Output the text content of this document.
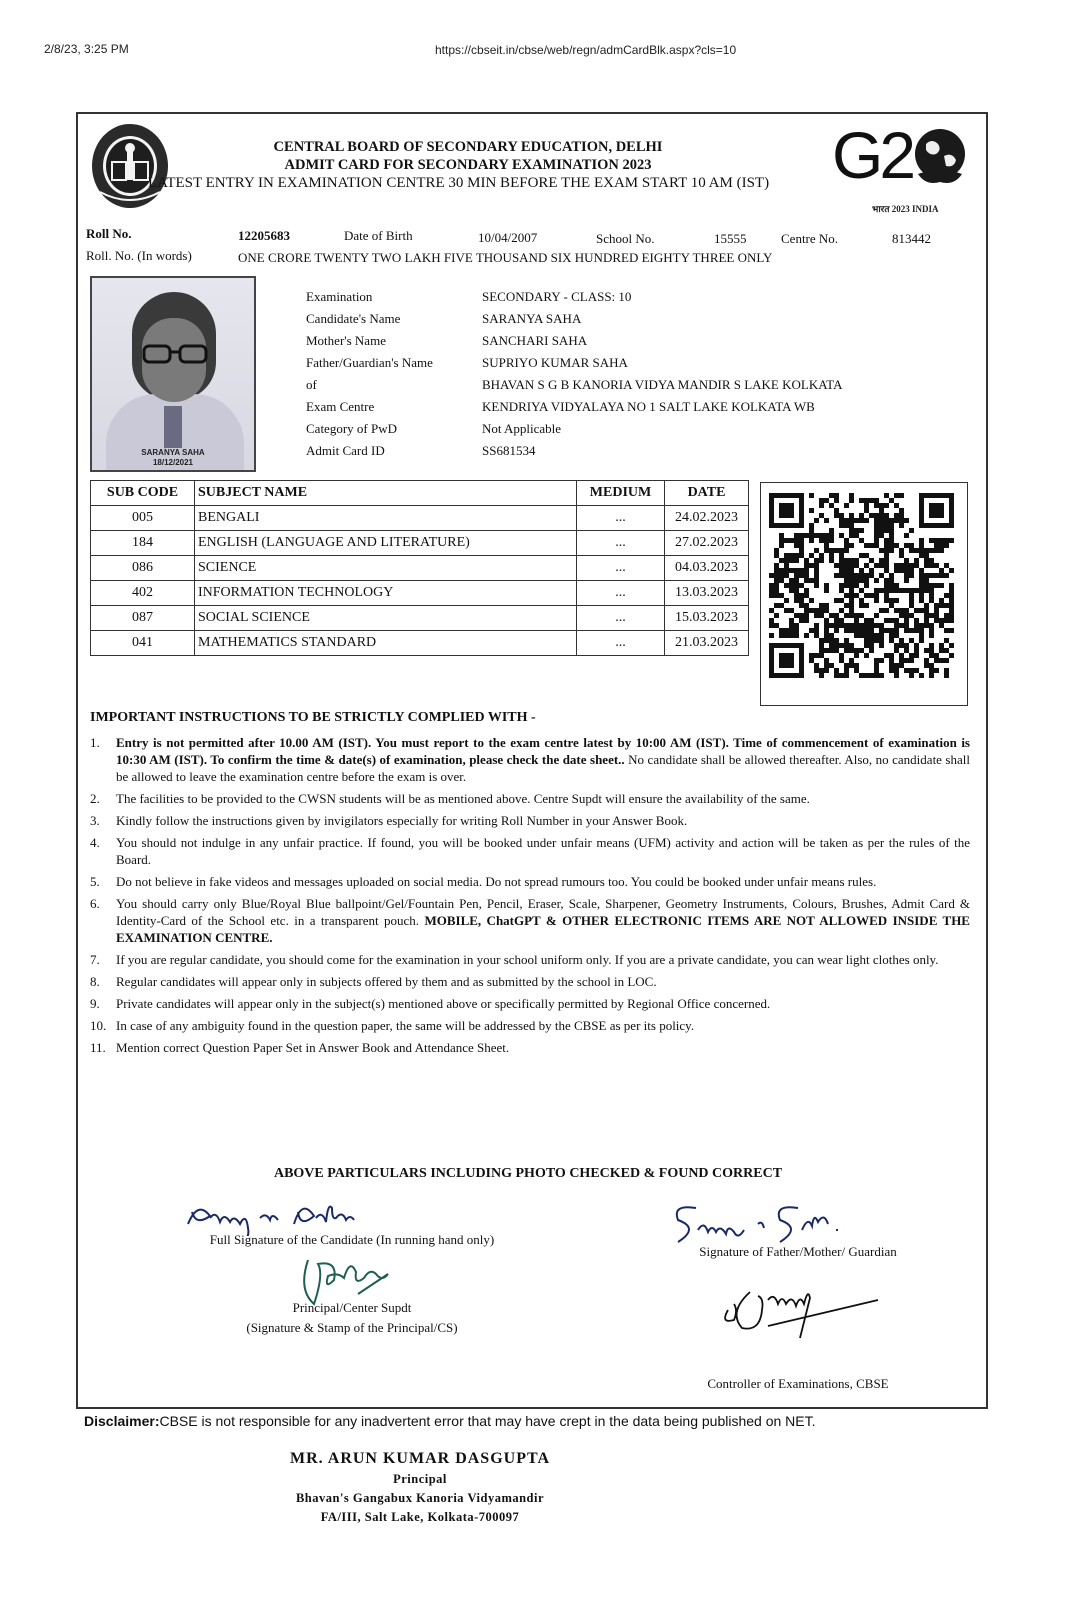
2/8/23, 3:25 PM	https://cbseit.in/cbse/web/regn/admCardBlk.aspx?cls=10
CENTRAL BOARD OF SECONDARY EDUCATION, DELHI
ADMIT CARD FOR SECONDARY EXAMINATION 2023
LATEST ENTRY IN EXAMINATION CENTRE 30 MIN BEFORE THE EXAM START 10 AM (IST) G2
भारत 2023 INDIA
Roll No.	12205683	Date of Birth	10/04/2007	School No.	15555	Centre No.	813442
Roll. No. (In words)	ONE CRORE TWENTY TWO LAKH FIVE THOUSAND SIX HUNDRED EIGHTY THREE ONLY
SARANYA SAHA
18/12/2021
Examination	SECONDARY - CLASS: 10
Candidate's Name	SARANYA SAHA
Mother's Name	SANCHARI SAHA
Father/Guardian's Name	SUPRIYO KUMAR SAHA
of	BHAVAN S G B KANORIA VIDYA MANDIR S LAKE KOLKATA
Exam Centre	KENDRIYA VIDYALAYA NO 1 SALT LAKE KOLKATA WB
Category of PwD	Not Applicable
Admit Card ID	SS681534
SUB CODE	SUBJECT NAME	MEDIUM	DATE
005	BENGALI	...	24.02.2023
184	ENGLISH (LANGUAGE AND LITERATURE)	...	27.02.2023
086	SCIENCE	...	04.03.2023
402	INFORMATION TECHNOLOGY	...	13.03.2023
087	SOCIAL SCIENCE	...	15.03.2023
041	MATHEMATICS STANDARD	...	21.03.2023
IMPORTANT INSTRUCTIONS TO BE STRICTLY COMPLIED WITH -
1.	Entry is not permitted after 10.00 AM (IST). You must report to the exam centre latest by 10:00 AM (IST). Time of commencement of examination is 10:30 AM (IST). To confirm the time & date(s) of examination, please check the date sheet.. No candidate shall be allowed thereafter. Also, no candidate shall be allowed to leave the examination centre before the exam is over.
2.	The facilities to be provided to the CWSN students will be as mentioned above. Centre Supdt will ensure the availability of the same.
3.	Kindly follow the instructions given by invigilators especially for writing Roll Number in your Answer Book.
4.	You should not indulge in any unfair practice. If found, you will be booked under unfair means (UFM) activity and action will be taken as per the rules of the Board.
5.	Do not believe in fake videos and messages uploaded on social media. Do not spread rumours too. You could be booked under unfair means rules.
6.	You should carry only Blue/Royal Blue ballpoint/Gel/Fountain Pen, Pencil, Eraser, Scale, Sharpener, Geometry Instruments, Colours, Brushes, Admit Card & Identity-Card of the School etc. in a transparent pouch. MOBILE, ChatGPT & OTHER ELECTRONIC ITEMS ARE NOT ALLOWED INSIDE THE EXAMINATION CENTRE.
7.	If you are regular candidate, you should come for the examination in your school uniform only. If you are a private candidate, you can wear light clothes only.
8.	Regular candidates will appear only in subjects offered by them and as submitted by the school in LOC.
9.	Private candidates will appear only in the subject(s) mentioned above or specifically permitted by Regional Office concerned.
10. In case of any ambiguity found in the question paper, the same will be addressed by the CBSE as per its policy.
11. Mention correct Question Paper Set in Answer Book and Attendance Sheet.
ABOVE PARTICULARS INCLUDING PHOTO CHECKED & FOUND CORRECT
Full Signature of the Candidate (In running hand only)
Signature of Father/Mother/ Guardian
Principal/Center Supdt
(Signature & Stamp of the Principal/CS)
Controller of Examinations, CBSE
Disclaimer:CBSE is not responsible for any inadvertent error that may have crept in the data being published on NET.
MR. ARUN KUMAR DASGUPTA
Principal
Bhavan's Gangabux Kanoria Vidyamandir
FA/III, Salt Lake, Kolkata-700097
